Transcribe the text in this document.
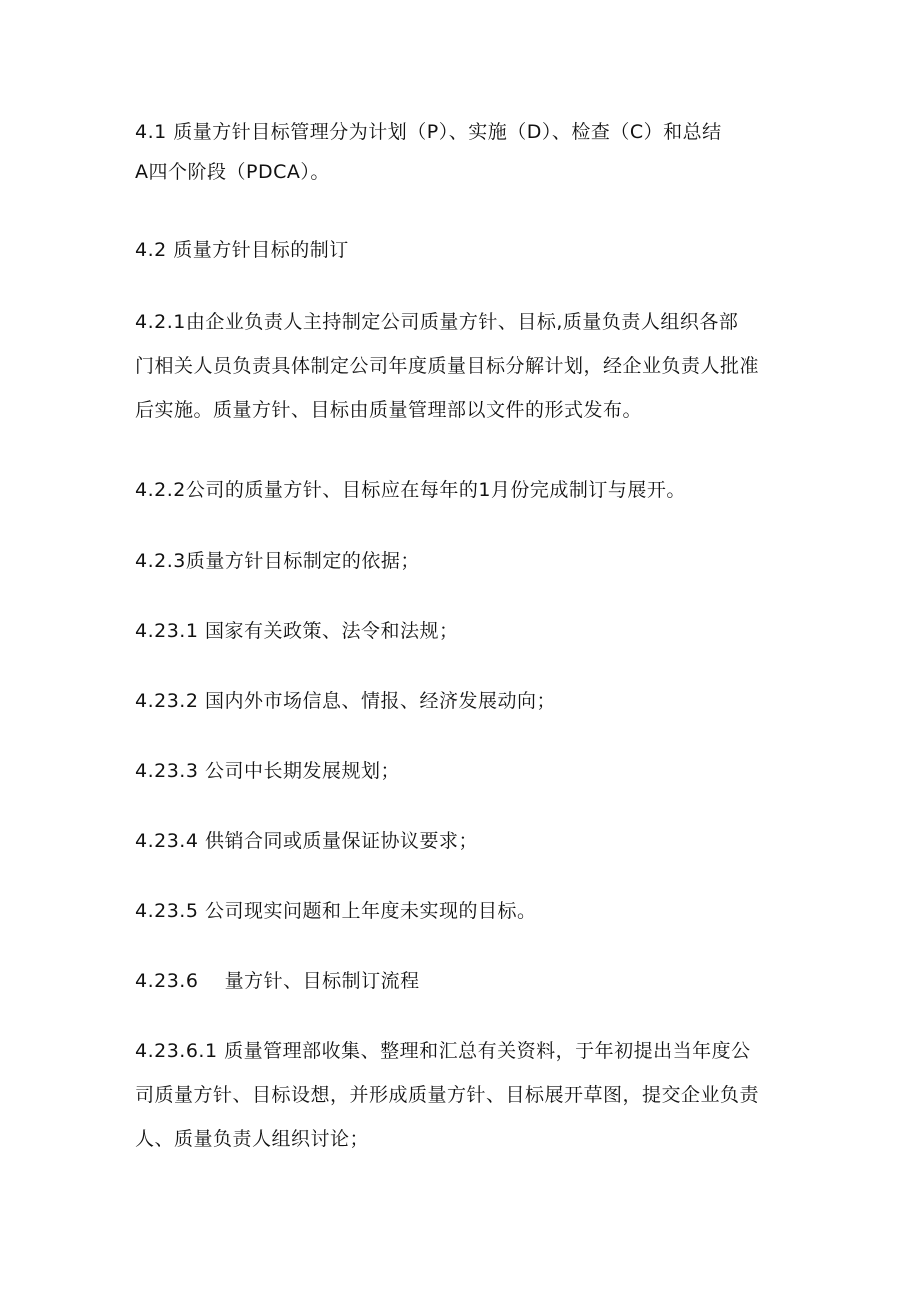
4.1 质量方针目标管理分为计划（P）、实施（D）、检查（C）和总结
A四个阶段（PDCA）。

4.2 质量方针目标的制订

4.2.1由企业负责人主持制定公司质量方针、目标,质量负责人组织各部
门相关人员负责具体制定公司年度质量目标分解计划，经企业负责人批准
后实施。质量方针、目标由质量管理部以文件的形式发布。

4.2.2公司的质量方针、目标应在每年的1月份完成制订与展开。

4.2.3质量方针目标制定的依据；

4.23.1 国家有关政策、法令和法规；

4.23.2 国内外市场信息、情报、经济发展动向；

4.23.3 公司中长期发展规划；

4.23.4 供销合同或质量保证协议要求；

4.23.5 公司现实问题和上年度未实现的目标。

4.23.6    量方针、目标制订流程

4.23.6.1 质量管理部收集、整理和汇总有关资料，于年初提出当年度公
司质量方针、目标设想，并形成质量方针、目标展开草图，提交企业负责
人、质量负责人组织讨论；
